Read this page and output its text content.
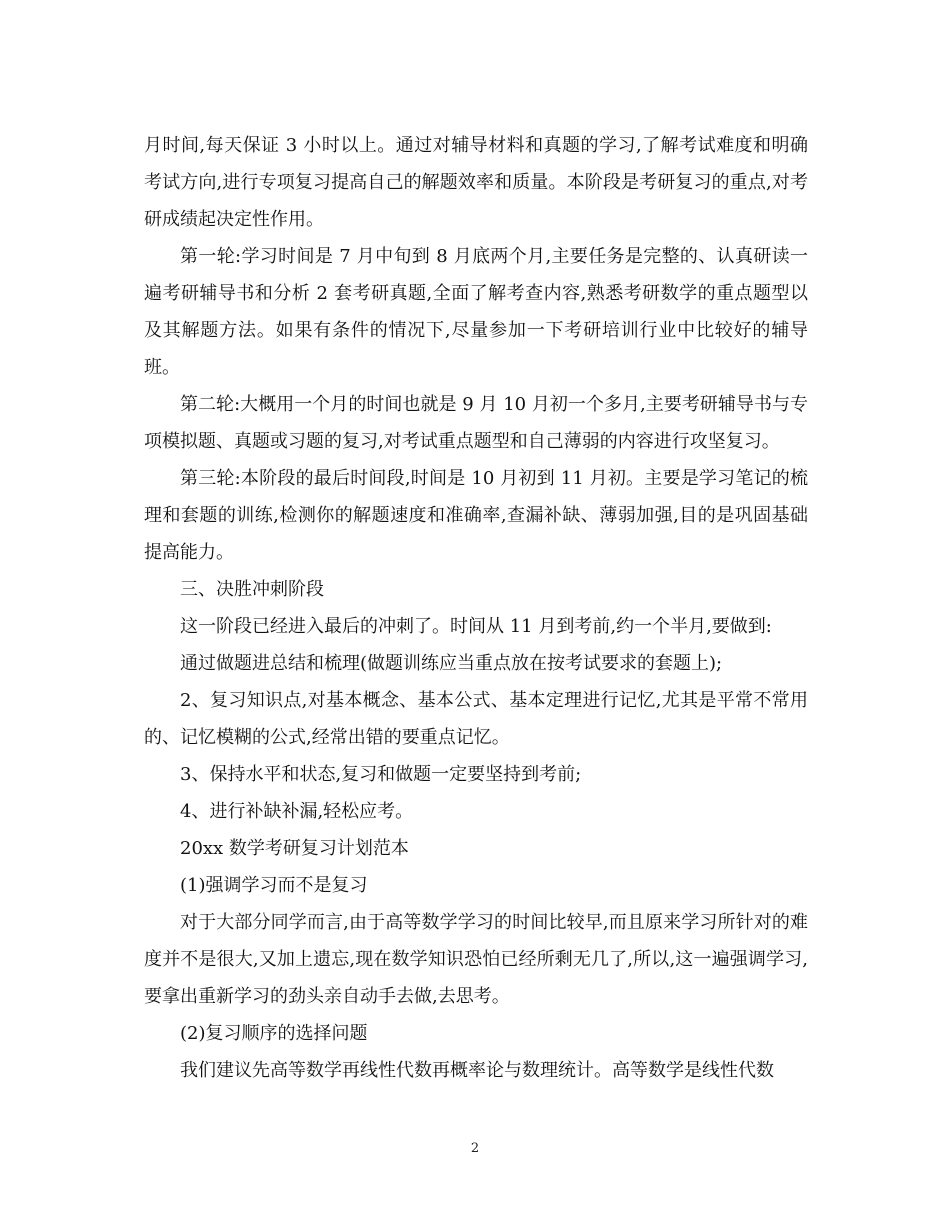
月时间,每天保证 3 小时以上。通过对辅导材料和真题的学习,了解考试难度和明确考试方向,进行专项复习提高自己的解题效率和质量。本阶段是考研复习的重点,对考研成绩起决定性作用。

第一轮:学习时间是 7 月中旬到 8 月底两个月,主要任务是完整的、认真研读一遍考研辅导书和分析 2 套考研真题,全面了解考查内容,熟悉考研数学的重点题型以及其解题方法。如果有条件的情况下,尽量参加一下考研培训行业中比较好的辅导班。

第二轮:大概用一个月的时间也就是 9 月 10 月初一个多月,主要考研辅导书与专项模拟题、真题或习题的复习,对考试重点题型和自己薄弱的内容进行攻坚复习。

第三轮:本阶段的最后时间段,时间是 10 月初到 11 月初。主要是学习笔记的梳理和套题的训练,检测你的解题速度和准确率,查漏补缺、薄弱加强,目的是巩固基础提高能力。

三、决胜冲刺阶段

这一阶段已经进入最后的冲刺了。时间从 11 月到考前,约一个半月,要做到:

通过做题进总结和梳理(做题训练应当重点放在按考试要求的套题上);

2、复习知识点,对基本概念、基本公式、基本定理进行记忆,尤其是平常不常用的、记忆模糊的公式,经常出错的要重点记忆。

3、保持水平和状态,复习和做题一定要坚持到考前;

4、进行补缺补漏,轻松应考。

20xx 数学考研复习计划范本

(1)强调学习而不是复习

对于大部分同学而言,由于高等数学学习的时间比较早,而且原来学习所针对的难度并不是很大,又加上遗忘,现在数学知识恐怕已经所剩无几了,所以,这一遍强调学习,要拿出重新学习的劲头亲自动手去做,去思考。

(2)复习顺序的选择问题

我们建议先高等数学再线性代数再概率论与数理统计。高等数学是线性代数

2
